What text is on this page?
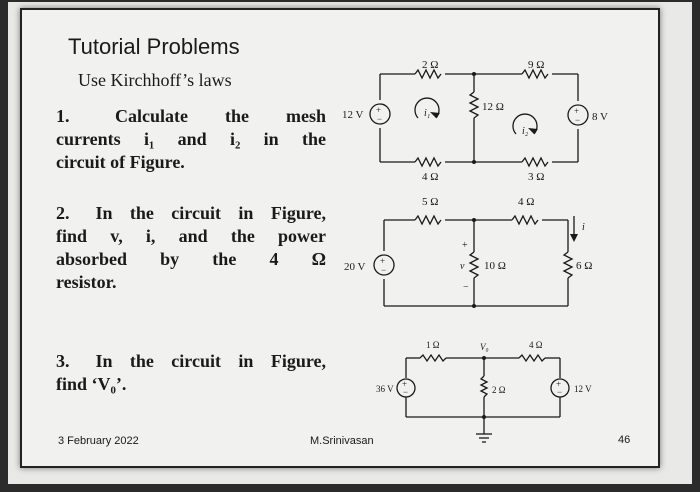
Tutorial Problems
Use Kirchhoff’s laws
1.	Calculate the mesh
currents i₁ and i₂ in the
circuit of Figure.
2. In the circuit in Figure,
find v, i, and the power
absorbed by the 4 Ω
resistor.
3. In the circuit in Figure,
find ‘V₀’.
3 February 2022	M.Srinivasan	46
+
−
+
−
+
−
+
−
+
−
2 Ω	9 Ω
12 Ω
12 V	8 V
4 Ω	3 Ω
i₁
i₂
5 Ω	4 Ω
20 V	10 Ω	6 Ω
i
v
+
−
1 Ω	4 Ω
V₀
36 V	2 Ω	12 V
